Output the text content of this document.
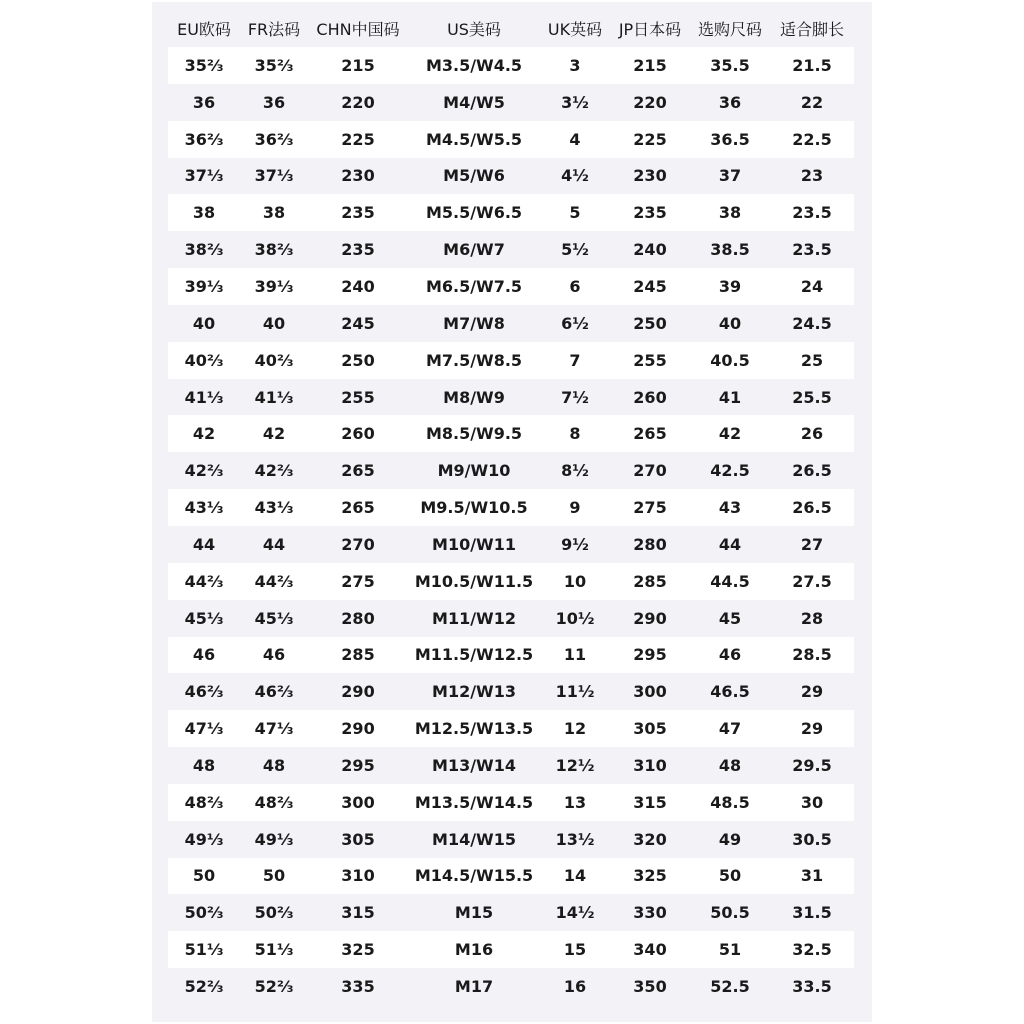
EU欧码	FR法码	CHN中国码	US美码	UK英码	JP日本码	选购尺码	适合脚长
35⅔	35⅔	215	M3.5/W4.5	3	215	35.5	21.5
36	36	220	M4/W5	3½	220	36	22
36⅔	36⅔	225	M4.5/W5.5	4	225	36.5	22.5
37⅓	37⅓	230	M5/W6	4½	230	37	23
38	38	235	M5.5/W6.5	5	235	38	23.5
38⅔	38⅔	235	M6/W7	5½	240	38.5	23.5
39⅓	39⅓	240	M6.5/W7.5	6	245	39	24
40	40	245	M7/W8	6½	250	40	24.5
40⅔	40⅔	250	M7.5/W8.5	7	255	40.5	25
41⅓	41⅓	255	M8/W9	7½	260	41	25.5
42	42	260	M8.5/W9.5	8	265	42	26
42⅔	42⅔	265	M9/W10	8½	270	42.5	26.5
43⅓	43⅓	265	M9.5/W10.5	9	275	43	26.5
44	44	270	M10/W11	9½	280	44	27
44⅔	44⅔	275	M10.5/W11.5	10	285	44.5	27.5
45⅓	45⅓	280	M11/W12	10½	290	45	28
46	46	285	M11.5/W12.5	11	295	46	28.5
46⅔	46⅔	290	M12/W13	11½	300	46.5	29
47⅓	47⅓	290	M12.5/W13.5	12	305	47	29
48	48	295	M13/W14	12½	310	48	29.5
48⅔	48⅔	300	M13.5/W14.5	13	315	48.5	30
49⅓	49⅓	305	M14/W15	13½	320	49	30.5
50	50	310	M14.5/W15.5	14	325	50	31
50⅔	50⅔	315	M15	14½	330	50.5	31.5
51⅓	51⅓	325	M16	15	340	51	32.5
52⅔	52⅔	335	M17	16	350	52.5	33.5
